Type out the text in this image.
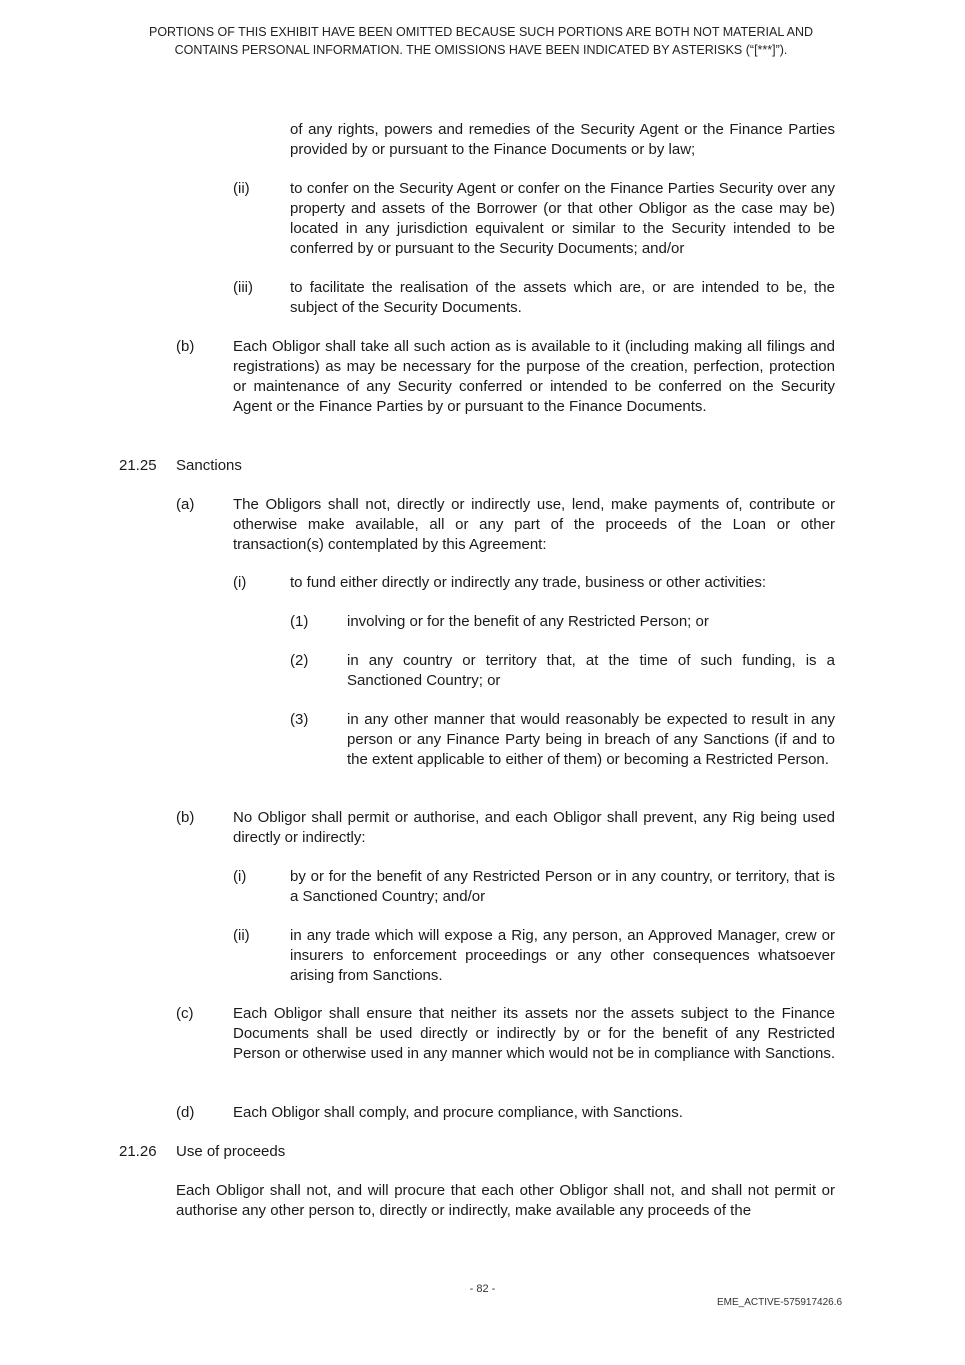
PORTIONS OF THIS EXHIBIT HAVE BEEN OMITTED BECAUSE SUCH PORTIONS ARE BOTH NOT MATERIAL AND
CONTAINS PERSONAL INFORMATION. THE OMISSIONS HAVE BEEN INDICATED BY ASTERISKS (“[***]”).
of any rights, powers and remedies of the Security Agent or the Finance Parties provided by or pursuant to the Finance Documents or by law;
(ii)	to confer on the Security Agent or confer on the Finance Parties Security over any property and assets of the Borrower (or that other Obligor as the case may be) located in any jurisdiction equivalent or similar to the Security intended to be conferred by or pursuant to the Security Documents; and/or
(iii) to facilitate the realisation of the assets which are, or are intended to be, the subject of the Security Documents.
(b)	Each Obligor shall take all such action as is available to it (including making all filings and registrations) as may be necessary for the purpose of the creation, perfection, protection or maintenance of any Security conferred or intended to be conferred on the Security Agent or the Finance Parties by or pursuant to the Finance Documents.
21.25 Sanctions
(a)	The Obligors shall not, directly or indirectly use, lend, make payments of, contribute or otherwise make available, all or any part of the proceeds of the Loan or other transaction(s) contemplated by this Agreement:
(i)	to fund either directly or indirectly any trade, business or other activities:
(1)	involving or for the benefit of any Restricted Person; or
(2)	in any country or territory that, at the time of such funding, is a Sanctioned Country; or
(3)	in any other manner that would reasonably be expected to result in any person or any Finance Party being in breach of any Sanctions (if and to the extent applicable to either of them) or becoming a Restricted Person.
(b)	No Obligor shall permit or authorise, and each Obligor shall prevent, any Rig being used directly or indirectly:
(i)	by or for the benefit of any Restricted Person or in any country, or territory, that is a Sanctioned Country; and/or
(ii)	in any trade which will expose a Rig, any person, an Approved Manager, crew or insurers to enforcement proceedings or any other consequences whatsoever arising from Sanctions.
(c)	Each Obligor shall ensure that neither its assets nor the assets subject to the Finance Documents shall be used directly or indirectly by or for the benefit of any Restricted Person or otherwise used in any manner which would not be in compliance with Sanctions.
(d)	Each Obligor shall comply, and procure compliance, with Sanctions.
21.26 Use of proceeds
Each Obligor shall not, and will procure that each other Obligor shall not, and shall not permit or authorise any other person to, directly or indirectly, make available any proceeds of the
- 82 -
EME_ACTIVE-575917426.6
